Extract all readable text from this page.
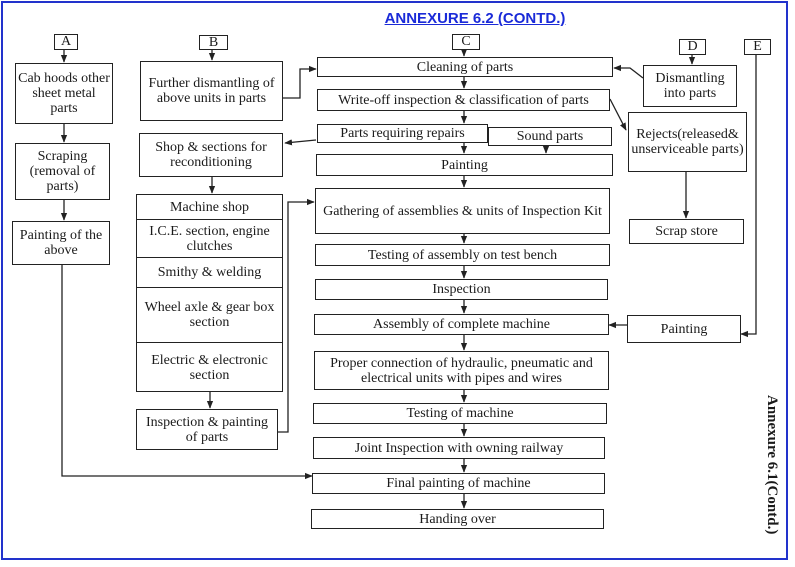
ANNEXURE 6.2 (CONTD.)
A	B	C	D	E
Cab hoods other sheet metal parts
Scraping (removal of parts)
Painting of the above
Further dismantling of above units in parts
Shop & sections for reconditioning
Machine shop
I.C.E. section, engine clutches
Smithy & welding
Wheel axle & gear box section
Electric & electronic section
Inspection & painting of parts
Cleaning of parts
Write-off inspection & classification of parts
Parts requiring repairs	Sound parts
Painting
Gathering of assemblies & units of Inspection Kit
Testing of assembly on test bench
Inspection
Assembly of complete machine
Proper connection of hydraulic, pneumatic and electrical units with pipes and wires
Testing of machine
Joint Inspection with owning railway
Final painting of machine
Handing over
Dismantling into parts
Rejects(released& unserviceable parts)
Scrap store
Painting
Annexure 6.1(Contd.)
